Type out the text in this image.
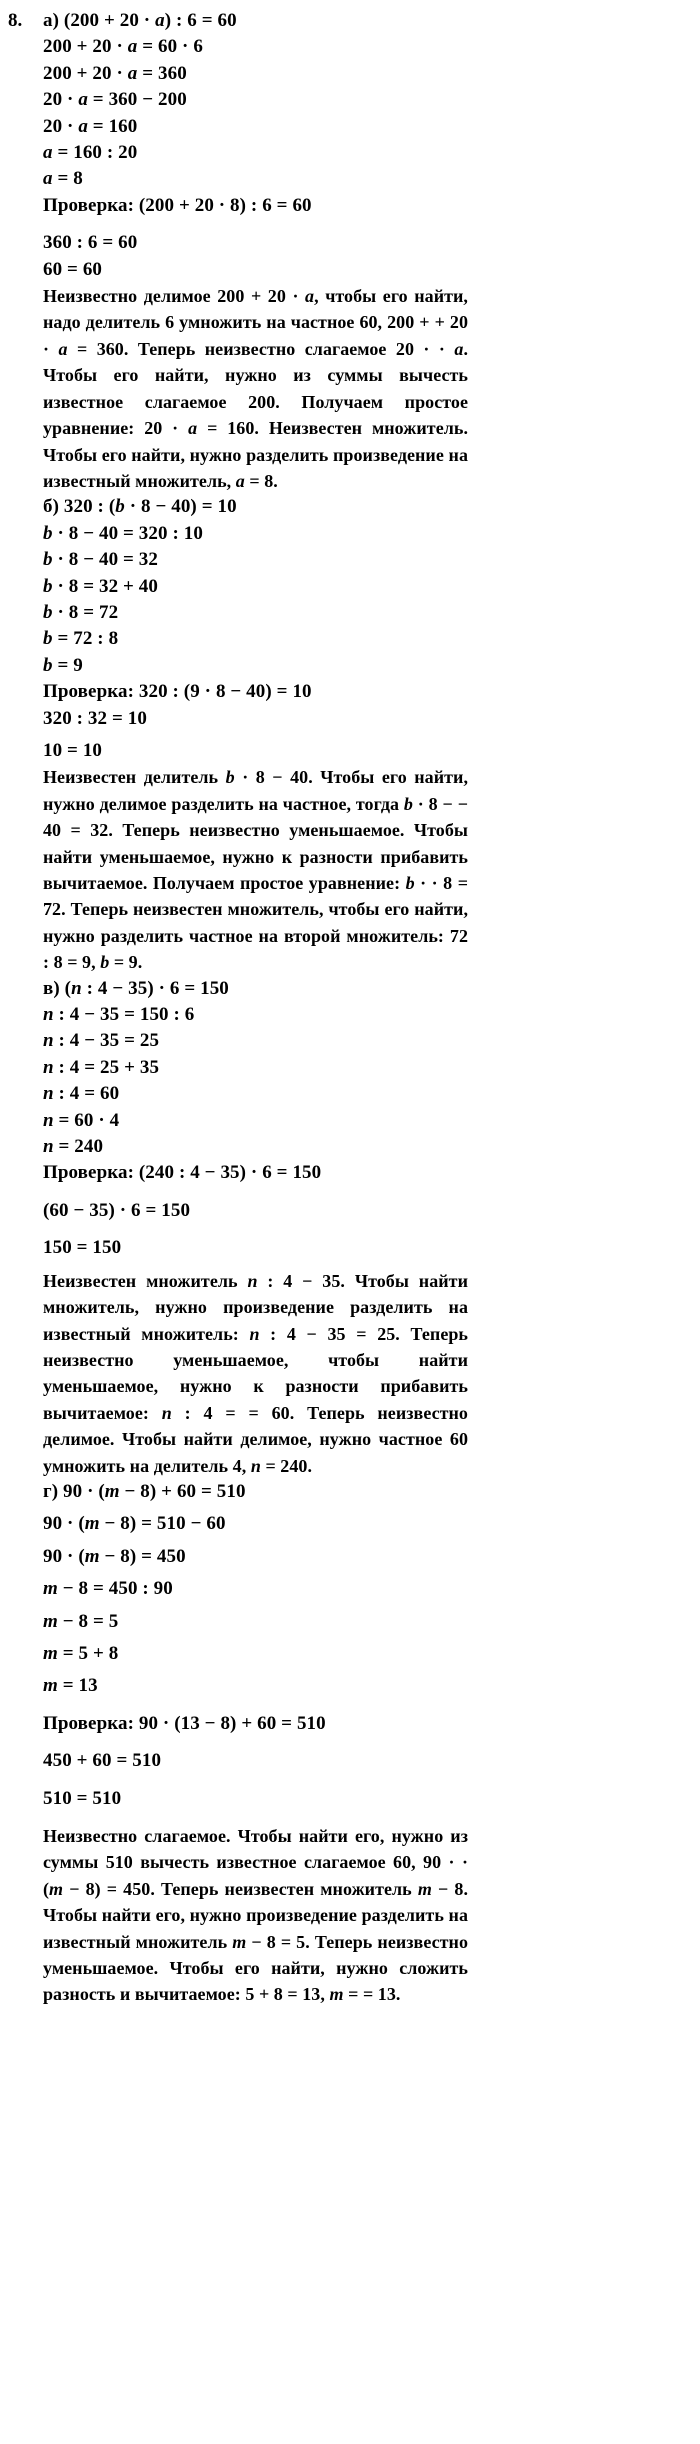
8. а) (200 + 20 · a) : 6 = 60
200 + 20 · a = 60 · 6
200 + 20 · a = 360
20 · a = 360 − 200
20 · a = 160
a = 160 : 20
a = 8
Проверка: (200 + 20 · 8) : 6 = 60
360 : 6 = 60
60 = 60

Неизвестно делимое 200 + 20 · a, чтобы его найти, надо делитель 6 умножить на частное 60, 200 + + 20 · a = 360. Теперь неизвестно слагаемое 20 · · a. Чтобы его найти, нужно из суммы вычесть известное слагаемое 200. Получаем простое уравнение: 20 · a = 160. Неизвестен множитель. Чтобы его найти, нужно разделить произведение на известный множитель, a = 8.

б) 320 : (b · 8 − 40) = 10
b · 8 − 40 = 320 : 10
b · 8 − 40 = 32
b · 8 = 32 + 40
b · 8 = 72
b = 72 : 8
b = 9
Проверка: 320 : (9 · 8 − 40) = 10
320 : 32 = 10
10 = 10

Неизвестен делитель b · 8 − 40. Чтобы его найти, нужно делимое разделить на частное, тогда b · 8 − − 40 = 32. Теперь неизвестно уменьшаемое. Чтобы найти уменьшаемое, нужно к разности прибавить вычитаемое. Получаем простое уравнение: b · · 8 = 72. Теперь неизвестен множитель, чтобы его найти, нужно разделить частное на второй множитель: 72 : 8 = 9, b = 9.

в) (n : 4 − 35) · 6 = 150
n : 4 − 35 = 150 : 6
n : 4 − 35 = 25
n : 4 = 25 + 35
n : 4 = 60
n = 60 · 4
n = 240
Проверка: (240 : 4 − 35) · 6 = 150
(60 − 35) · 6 = 150
150 = 150

Неизвестен множитель n : 4 − 35. Чтобы найти множитель, нужно произведение разделить на известный множитель: n : 4 − 35 = 25. Теперь неизвестно уменьшаемое, чтобы найти уменьшаемое, нужно к разности прибавить вычитаемое: n : 4 = = 60. Теперь неизвестно делимое. Чтобы найти делимое, нужно частное 60 умножить на делитель 4, n = 240.

г) 90 · (m − 8) + 60 = 510
90 · (m − 8) = 510 − 60
90 · (m − 8) = 450
m − 8 = 450 : 90
m − 8 = 5
m = 5 + 8
m = 13
Проверка: 90 · (13 − 8) + 60 = 510
450 + 60 = 510
510 = 510

Неизвестно слагаемое. Чтобы найти его, нужно из суммы 510 вычесть известное слагаемое 60, 90 · · (m − 8) = 450. Теперь неизвестен множитель m − 8. Чтобы найти его, нужно произведение разделить на известный множитель m − 8 = 5. Теперь неизвестно уменьшаемое. Чтобы его найти, нужно сложить разность и вычитаемое: 5 + 8 = 13, m = = 13.
